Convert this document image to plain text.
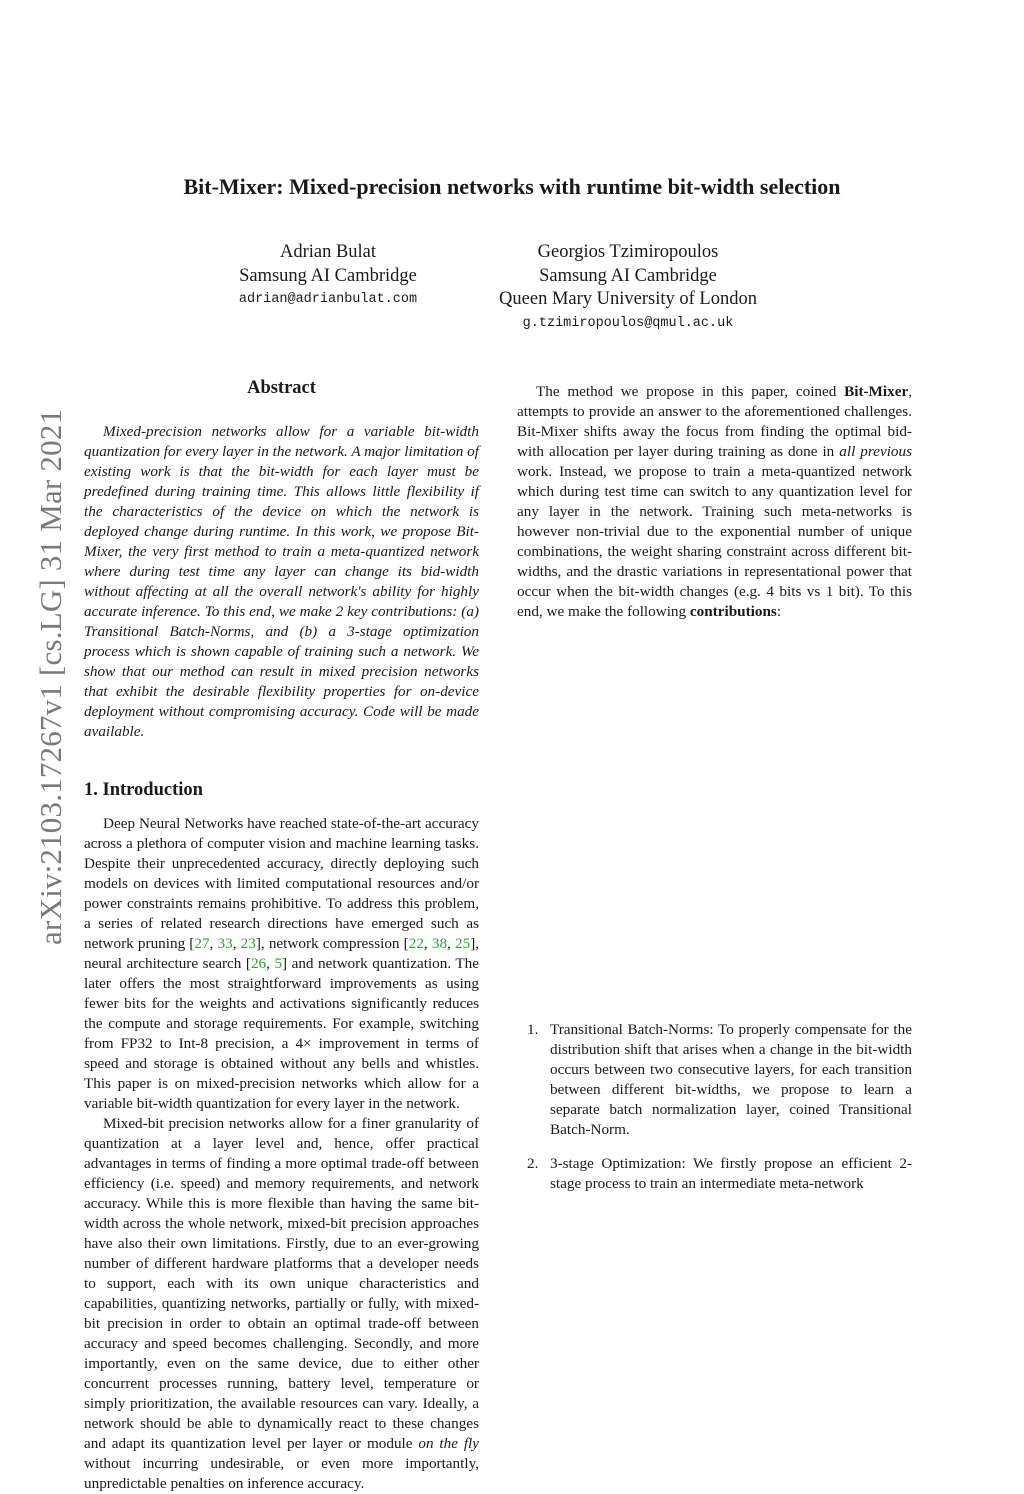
arXiv:2103.17267v1 [cs.LG] 31 Mar 2021
Bit-Mixer: Mixed-precision networks with runtime bit-width selection
Adrian Bulat
Samsung AI Cambridge
adrian@adrianbulat.com
Georgios Tzimiropoulos
Samsung AI Cambridge
Queen Mary University of London
g.tzimiropoulos@qmul.ac.uk
Abstract

Mixed-precision networks allow for a variable bit-width quantization for every layer in the network. A major limitation of existing work is that the bit-width for each layer must be predefined during training time. This allows little flexibility if the characteristics of the device on which the network is deployed change during runtime. In this work, we propose Bit-Mixer, the very first method to train a meta-quantized network where during test time any layer can change its bid-width without affecting at all the overall network's ability for highly accurate inference. To this end, we make 2 key contributions: (a) Transitional Batch-Norms, and (b) a 3-stage optimization process which is shown capable of training such a network. We show that our method can result in mixed precision networks that exhibit the desirable flexibility properties for on-device deployment without compromising accuracy. Code will be made available.

1. Introduction

Deep Neural Networks have reached state-of-the-art accuracy across a plethora of computer vision and machine learning tasks. Despite their unprecedented accuracy, directly deploying such models on devices with limited computational resources and/or power constraints remains prohibitive. To address this problem, a series of related research directions have emerged such as network pruning [27, 33, 23], network compression [22, 38, 25], neural architecture search [26, 5] and network quantization. The later offers the most straightforward improvements as using fewer bits for the weights and activations significantly reduces the compute and storage requirements. For example, switching from FP32 to Int-8 precision, a 4× improvement in terms of speed and storage is obtained without any bells and whistles. This paper is on mixed-precision networks which allow for a variable bit-width quantization for every layer in the network.

Mixed-bit precision networks allow for a finer granularity of quantization at a layer level and, hence, offer practical advantages in terms of finding a more optimal trade-off between efficiency (i.e. speed) and memory requirements, and network accuracy. While this is more flexible than having the same bit-width across the whole network, mixed-bit precision approaches have also their own limitations. Firstly, due to an ever-growing number of different hardware platforms that a developer needs to support, each with its own unique characteristics and capabilities, quantizing networks, partially or fully, with mixed-bit precision in order to obtain an optimal trade-off between accuracy and speed becomes challenging. Secondly, and more importantly, even on the same device, due to either other concurrent processes running, battery level, temperature or simply prioritization, the available resources can vary. Ideally, a network should be able to dynamically react to these changes and adapt its quantization level per layer or module on the fly without incurring undesirable, or even more importantly, unpredictable penalties on inference accuracy.

The method we propose in this paper, coined Bit-Mixer, attempts to provide an answer to the aforementioned challenges. Bit-Mixer shifts away the focus from finding the optimal bid-with allocation per layer during training as done in all previous work. Instead, we propose to train a meta-quantized network which during test time can switch to any quantization level for any layer in the network. Training such meta-networks is however non-trivial due to the exponential number of unique combinations, the weight sharing constraint across different bit-widths, and the drastic variations in representational power that occur when the bit-width changes (e.g. 4 bits vs 1 bit). To this end, we make the following contributions:

1. Transitional Batch-Norms: To properly compensate for the distribution shift that arises when a change in the bit-width occurs between two consecutive layers, for each transition between different bit-widths, we propose to learn a separate batch normalization layer, coined Transitional Batch-Norm.
2. 3-stage Optimization: We firstly propose an efficient 2-stage process to train an intermediate meta-network
